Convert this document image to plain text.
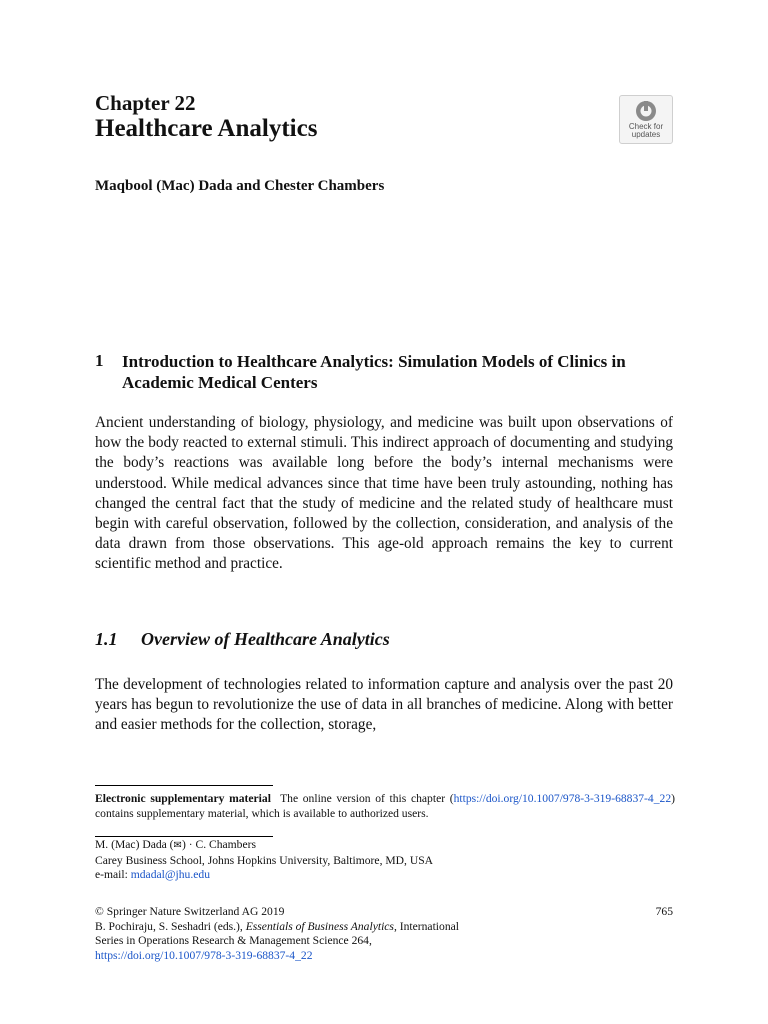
Chapter 22
Healthcare Analytics	Check for
updates
Maqbool (Mac) Dada and Chester Chambers
1 Introduction to Healthcare Analytics: Simulation Models of Clinics in Academic Medical Centers
Ancient understanding of biology, physiology, and medicine was built upon observations of how the body reacted to external stimuli. This indirect approach of documenting and studying the body’s reactions was available long before the body’s internal mechanisms were understood. While medical advances since that time have been truly astounding, nothing has changed the central fact that the study of medicine and the related study of healthcare must begin with careful observation, followed by the collection, consideration, and analysis of the data drawn from those observations. This age-old approach remains the key to current scientific method and practice.
1.1 Overview of Healthcare Analytics
The development of technologies related to information capture and analysis over the past 20 years has begun to revolutionize the use of data in all branches of medicine. Along with better and easier methods for the collection, storage,
Electronic supplementary material The online version of this chapter (https://doi.org/10.1007/978-3-319-68837-4_22) contains supplementary material, which is available to authorized users.
M. (Mac) Dada (✉) · C. Chambers
Carey Business School, Johns Hopkins University, Baltimore, MD, USA
e-mail: mdadal@jhu.edu
© Springer Nature Switzerland AG 2019
B. Pochiraju, S. Seshadri (eds.), Essentials of Business Analytics, International
Series in Operations Research & Management Science 264,
https://doi.org/10.1007/978-3-319-68837-4_22
765
